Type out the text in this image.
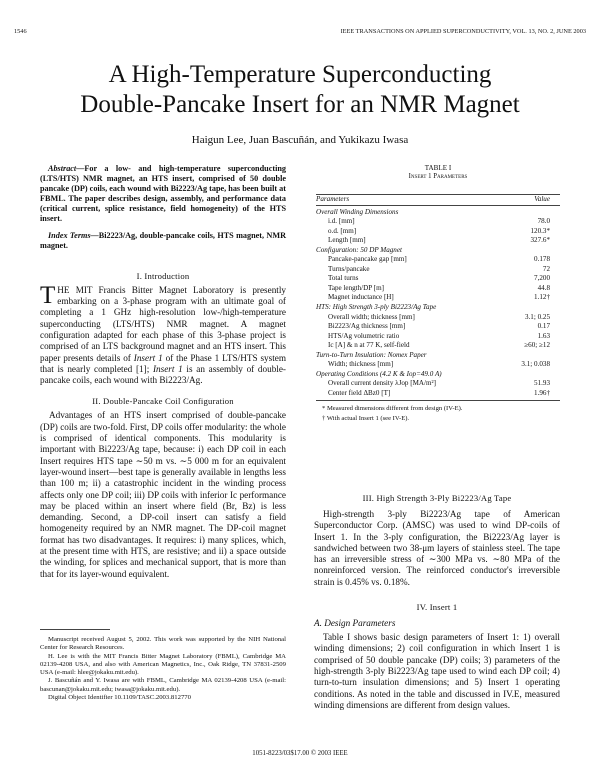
1546	IEEE TRANSACTIONS ON APPLIED SUPERCONDUCTIVITY, VOL. 13, NO. 2, JUNE 2003
A High-Temperature Superconducting
Double-Pancake Insert for an NMR Magnet
Haigun Lee, Juan Bascuñán, and Yukikazu Iwasa
Abstract—For a low- and high-temperature superconducting (LTS/HTS) NMR magnet, an HTS insert, comprised of 50 double pancake (DP) coils, each wound with Bi2223/Ag tape, has been built at FBML. The paper describes design, assembly, and performance data (critical current, splice resistance, field homogeneity) of the HTS insert.
Index Terms—Bi2223/Ag, double-pancake coils, HTS magnet, NMR magnet.
I. Introduction
THE MIT Francis Bitter Magnet Laboratory is presently embarking on a 3-phase program with an ultimate goal of completing a 1 GHz high-resolution low-/high-temperature superconducting (LTS/HTS) NMR magnet. A magnet configuration adapted for each phase of this 3-phase project is comprised of an LTS background magnet and an HTS insert. This paper presents details of Insert 1 of the Phase 1 LTS/HTS system that is nearly completed [1]; Insert 1 is an assembly of double-pancake coils, each wound with Bi2223/Ag.
II. Double-Pancake Coil Configuration
Advantages of an HTS insert comprised of double-pancake (DP) coils are two-fold. First, DP coils offer modularity: the whole is comprised of identical components. This modularity is important with Bi2223/Ag tape, because: i) each DP coil in each Insert requires HTS tape ∼50 m vs. ∼5 000 m for an equivalent layer-wound insert—best tape is generally available in lengths less than 100 m; ii) a catastrophic incident in the winding process affects only one DP coil; iii) DP coils with inferior Ic performance may be placed within an insert where field (Br, Bz) is less demanding. Second, a DP-coil insert can satisfy a field homogeneity required by an NMR magnet. The DP-coil magnet format has two disadvantages. It requires: i) many splices, which, at the present time with HTS, are resistive; and ii) a space outside the winding, for splices and mechanical support, that is more than that for its layer-wound equivalent.

Manuscript received August 5, 2002. This work was supported by the NIH National Center for Research Resources.

H. Lee is with the MIT Francis Bitter Magnet Laboratory (FBML), Cambridge MA 02139-4208 USA, and also with American Magnetics, Inc., Oak Ridge, TN 37831-2509 USA (e-mail: hlee@jokaku.mit.edu).

J. Bascuñán and Y. Iwasa are with FBML, Cambridge MA 02139-4208 USA (e-mail: bascunan@jokaku.mit.edu; iwasa@jokaku.mit.edu).

Digital Object Identifier 10.1109/TASC.2003.812770

TABLE I
Insert 1 Parameters
Parameters	Value

Overall Winding Dimensions	
i.d. [mm]	78.0
o.d. [mm]	120.3*
Length [mm]	327.6*
Configuration: 50 DP Magnet	
Pancake-pancake gap [mm]	0.178
Turns/pancake	72
Total turns	7,200
Tape length/DP [m]	44.8
Magnet inductance [H]	1.12†
HTS: High Strength 3-ply Bi2223/Ag Tape	
Overall width; thickness [mm]	3.1; 0.25
Bi2223/Ag thickness [mm]	0.17
HTS/Ag volumetric ratio	1.63
Ic [A] & n at 77 K, self-field	≥60; ≥12
Turn-to-Turn Insulation: Nomex Paper	
Width; thickness [mm]	3.1; 0.038
Operating Conditions (4.2 K & Iop=49.0 A)	
Overall current density λJop [MA/m²]	51.93
Center field ΔBz0 [T]	1.96†
* Measured dimensions different from design (IV-E).
† With actual Insert 1 (see IV-E).
III. High Strength 3-Ply Bi2223/Ag Tape
High-strength 3-ply Bi2223/Ag tape of American Superconductor Corp. (AMSC) was used to wind DP-coils of Insert 1. In the 3-ply configuration, the Bi2223/Ag layer is sandwiched between two 38-μm layers of stainless steel. The tape has an irreversible stress of ∼300 MPa vs. ∼80 MPa of the nonreinforced version. The reinforced conductor's irreversible strain is 0.45% vs. 0.18%.
IV. Insert 1
A. Design Parameters
Table I shows basic design parameters of Insert 1: 1) overall winding dimensions; 2) coil configuration in which Insert 1 is comprised of 50 double pancake (DP) coils; 3) parameters of the high-strength 3-ply Bi2223/Ag tape used to wind each DP coil; 4) turn-to-turn insulation dimensions; and 5) Insert 1 operating conditions. As noted in the table and discussed in IV.E, measured winding dimensions are different from design values.
1051-8223/03$17.00 © 2003 IEEE
